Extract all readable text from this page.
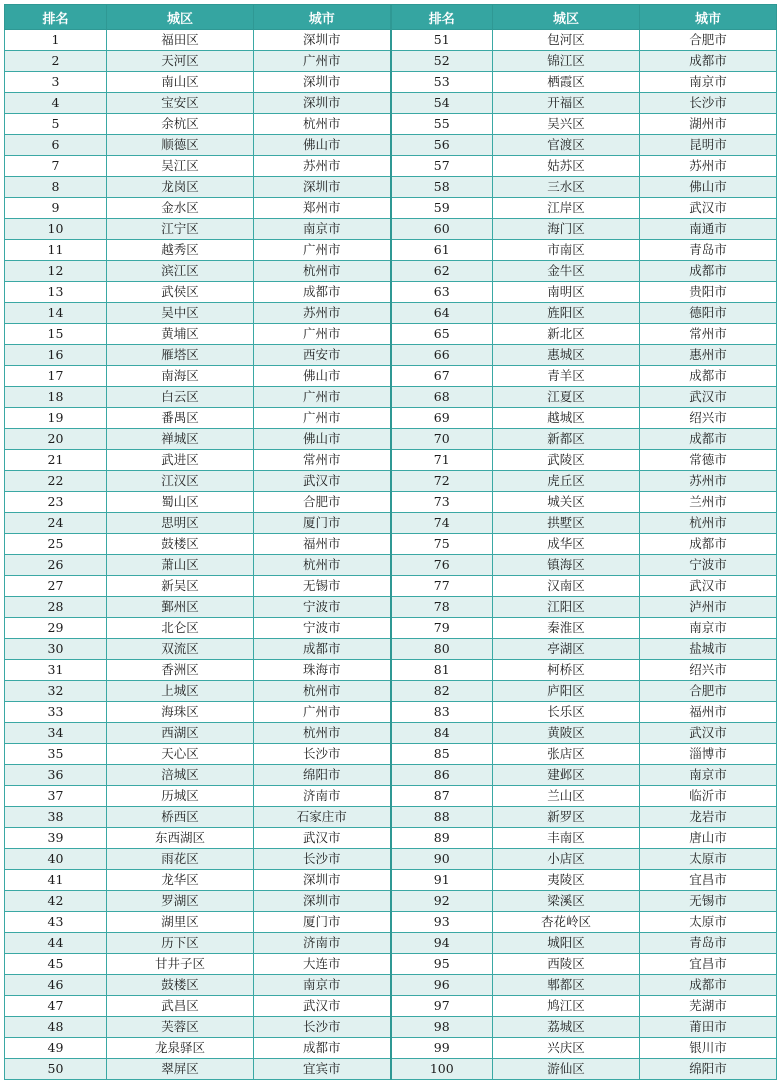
排名	城区	城市	排名	城区	城市
1	福田区	深圳市	51	包河区	合肥市
2	天河区	广州市	52	锦江区	成都市
3	南山区	深圳市	53	栖霞区	南京市
4	宝安区	深圳市	54	开福区	长沙市
5	余杭区	杭州市	55	吴兴区	湖州市
6	顺德区	佛山市	56	官渡区	昆明市
7	吴江区	苏州市	57	姑苏区	苏州市
8	龙岗区	深圳市	58	三水区	佛山市
9	金水区	郑州市	59	江岸区	武汉市
10	江宁区	南京市	60	海门区	南通市
11	越秀区	广州市	61	市南区	青岛市
12	滨江区	杭州市	62	金牛区	成都市
13	武侯区	成都市	63	南明区	贵阳市
14	吴中区	苏州市	64	旌阳区	德阳市
15	黄埔区	广州市	65	新北区	常州市
16	雁塔区	西安市	66	惠城区	惠州市
17	南海区	佛山市	67	青羊区	成都市
18	白云区	广州市	68	江夏区	武汉市
19	番禺区	广州市	69	越城区	绍兴市
20	禅城区	佛山市	70	新都区	成都市
21	武进区	常州市	71	武陵区	常德市
22	江汉区	武汉市	72	虎丘区	苏州市
23	蜀山区	合肥市	73	城关区	兰州市
24	思明区	厦门市	74	拱墅区	杭州市
25	鼓楼区	福州市	75	成华区	成都市
26	萧山区	杭州市	76	镇海区	宁波市
27	新吴区	无锡市	77	汉南区	武汉市
28	鄞州区	宁波市	78	江阳区	泸州市
29	北仑区	宁波市	79	秦淮区	南京市
30	双流区	成都市	80	亭湖区	盐城市
31	香洲区	珠海市	81	柯桥区	绍兴市
32	上城区	杭州市	82	庐阳区	合肥市
33	海珠区	广州市	83	长乐区	福州市
34	西湖区	杭州市	84	黄陂区	武汉市
35	天心区	长沙市	85	张店区	淄博市
36	涪城区	绵阳市	86	建邺区	南京市
37	历城区	济南市	87	兰山区	临沂市
38	桥西区	石家庄市	88	新罗区	龙岩市
39	东西湖区	武汉市	89	丰南区	唐山市
40	雨花区	长沙市	90	小店区	太原市
41	龙华区	深圳市	91	夷陵区	宜昌市
42	罗湖区	深圳市	92	梁溪区	无锡市
43	湖里区	厦门市	93	杏花岭区	太原市
44	历下区	济南市	94	城阳区	青岛市
45	甘井子区	大连市	95	西陵区	宜昌市
46	鼓楼区	南京市	96	郫都区	成都市
47	武昌区	武汉市	97	鸠江区	芜湖市
48	芙蓉区	长沙市	98	荔城区	莆田市
49	龙泉驿区	成都市	99	兴庆区	银川市
50	翠屏区	宜宾市	100	游仙区	绵阳市
